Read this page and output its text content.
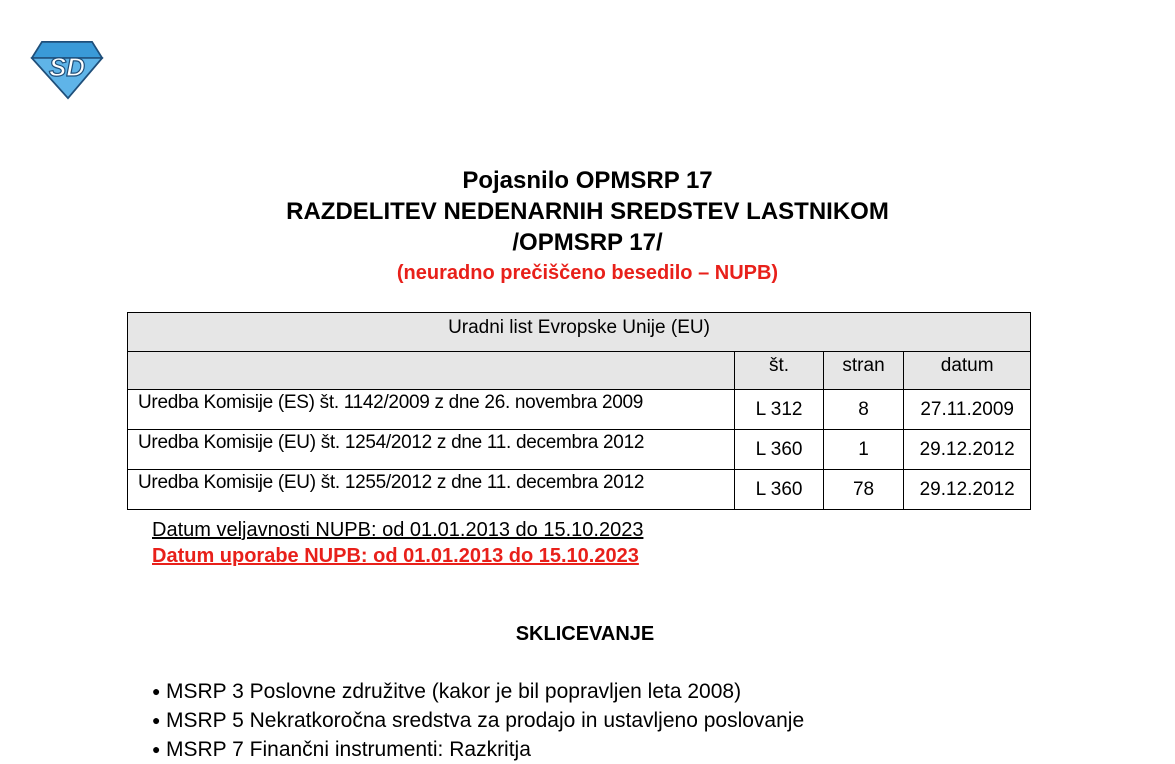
SD
Pojasnilo OPMSRP 17
RAZDELITEV NEDENARNIH SREDSTEV LASTNIKOM
/OPMSRP 17/
(neuradno prečiščeno besedilo – NUPB)
Uradni list Evropske Unije (EU)			
	št.	stran	datum
Uredba Komisije (ES) št. 1142/2009 z dne 26. novembra 2009	L 312	8	27.11.2009
Uredba Komisije (EU) št. 1254/2012 z dne 11. decembra 2012	L 360	1	29.12.2012
Uredba Komisije (EU) št. 1255/2012 z dne 11. decembra 2012	L 360	78	29.12.2012
Datum veljavnosti NUPB: od 01.01.2013 do 15.10.2023
Datum uporabe NUPB: od 01.01.2013 do 15.10.2023
SKLICEVANJE
● MSRP 3 Poslovne združitve (kakor je bil popravljen leta 2008)
● MSRP 5 Nekratkoročna sredstva za prodajo in ustavljeno poslovanje
● MSRP 7 Finančni instrumenti: Razkritja
